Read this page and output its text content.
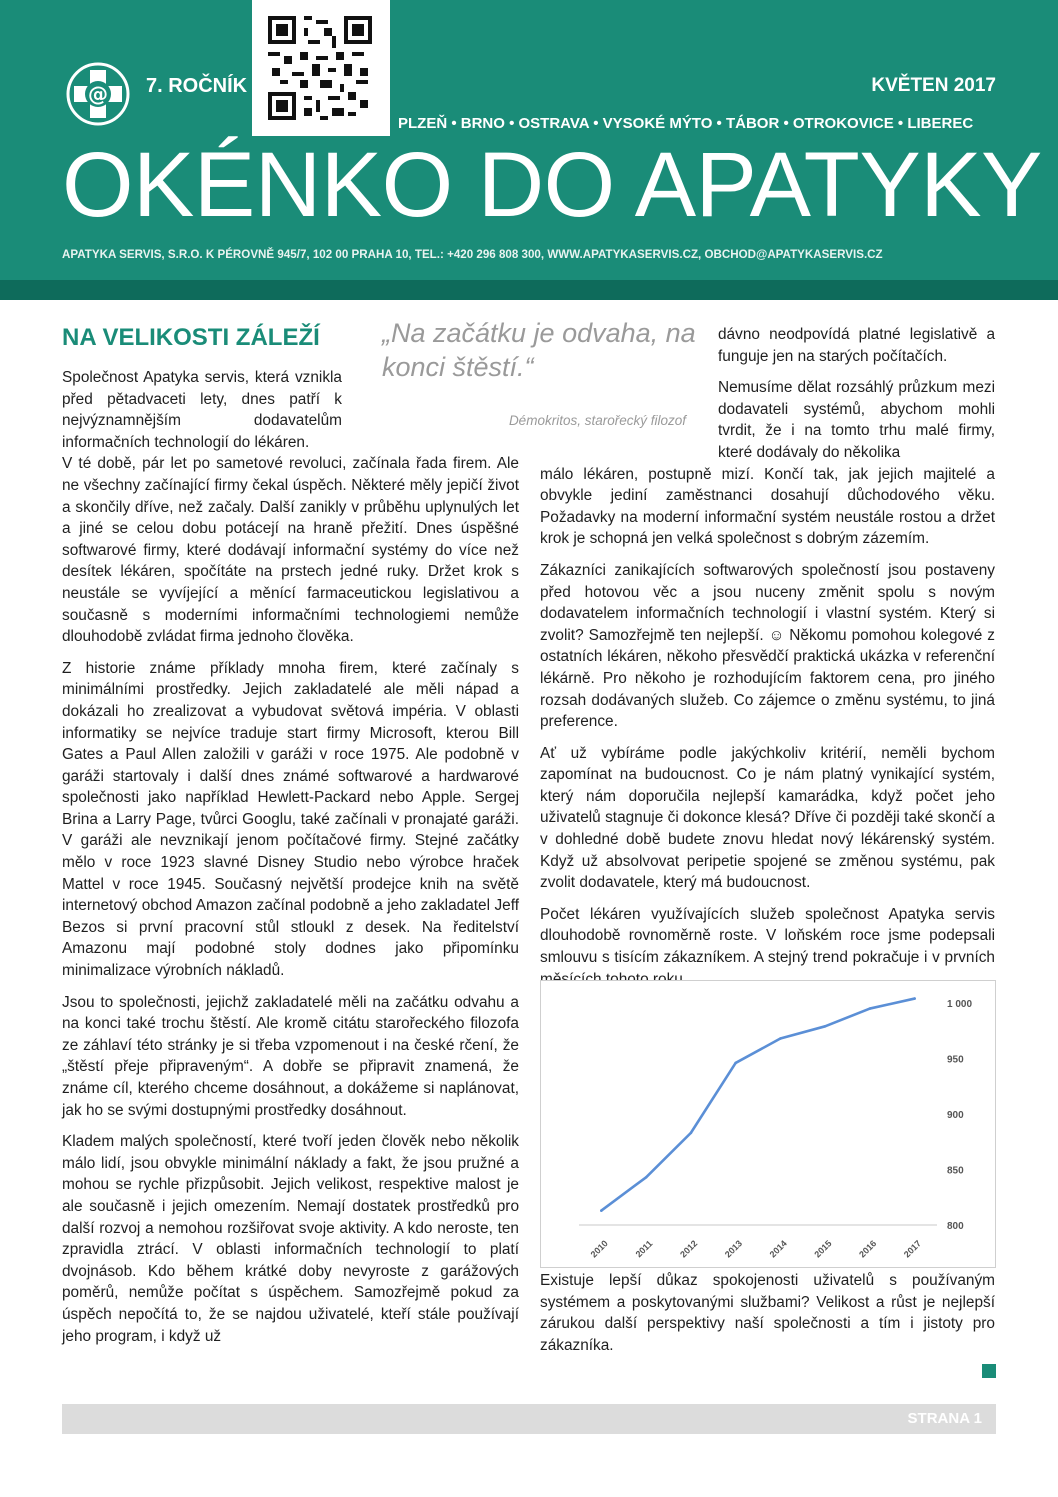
@ 7. ROČNÍK	KVĚTEN 2017
PLZEŇ • BRNO • OSTRAVA • VYSOKÉ MÝTO • TÁBOR • OTROKOVICE • LIBEREC
OKÉNKO DO APATYKY
APATYKA SERVIS, S.R.O. K PÉROVNĚ 945/7, 102 00 PRAHA 10, TEL.: +420 296 808 300, WWW.APATYKASERVIS.CZ, OBCHOD@APATYKASERVIS.CZ
NA VELIKOSTI ZÁLEŽÍ „Na začátku je odvaha, na konci štěstí.“
Démokritos, starořecký filozof

Společnost Apatyka servis, která vznikla před pětadvaceti lety, dnes patří k nejvýznamnějším dodavatelům informačních technologií do lékáren.

V té době, pár let po sametové revoluci, začínala řada firem. Ale ne všechny začínající firmy čekal úspěch. Některé měly jepičí život a skončily dříve, než začaly. Další zanikly v průběhu uplynulých let a jiné se celou dobu potácejí na hraně přežití. Dnes úspěšné softwarové firmy, které dodávají informační systémy do více než desítek lékáren, spočítáte na prstech jedné ruky. Držet krok s neustále se vyvíjející a měnící farmaceutickou legislativou a současně s moderními informačními technologiemi nemůže dlouhodobě zvládat firma jednoho člověka.

Z historie známe příklady mnoha firem, které začínaly s minimálními prostředky. Jejich zakladatelé ale měli nápad a dokázali ho zrealizovat a vybudovat světová impéria. V oblasti informatiky se nejvíce traduje start firmy Microsoft, kterou Bill Gates a Paul Allen založili v garáži v roce 1975. Ale podobně v garáži startovaly i další dnes známé softwarové a hardwarové společnosti jako například Hewlett-Packard nebo Apple. Sergej Brina a Larry Page, tvůrci Googlu, také začínali v pronajaté garáži. V garáži ale nevznikají jenom počítačové firmy. Stejné začátky mělo v roce 1923 slavné Disney Studio nebo výrobce hraček Mattel v roce 1945. Současný největší prodejce knih na světě internetový obchod Amazon začínal podobně a jeho zakladatel Jeff Bezos si první pracovní stůl stloukl z desek. Na ředitelství Amazonu mají podobné stoly dodnes jako připomínku minimalizace výrobních nákladů.

Jsou to společnosti, jejichž zakladatelé měli na začátku odvahu a na konci také trochu štěstí. Ale kromě citátu starořeckého filozofa ze záhlaví této stránky je si třeba vzpomenout i na české rčení, že „štěstí přeje připraveným“. A dobře se připravit znamená, že známe cíl, kterého chceme dosáhnout, a dokážeme si naplánovat, jak ho se svými dostupnými prostředky dosáhnout.

Kladem malých společností, které tvoří jeden člověk nebo několik málo lidí, jsou obvykle minimální náklady a fakt, že jsou pružné a mohou se rychle přizpůsobit. Jejich velikost, respektive malost je ale současně i jejich omezením. Nemají dostatek prostředků pro další rozvoj a nemohou rozšiřovat svoje aktivity. A kdo neroste, ten zpravidla ztrácí. V oblasti informačních technologií to platí dvojnásob. Kdo během krátké doby nevyroste z garážových poměrů, nemůže počítat s úspěchem. Samozřejmě pokud za úspěch nepočítá to, že se najdou uživatelé, kteří stále používají jeho program, i když už

dávno neodpovídá platné legislativě a funguje jen na starých počítačích.

Nemusíme dělat rozsáhlý průzkum mezi dodavateli systémů, abychom mohli tvrdit, že i na tomto trhu malé firmy, které dodávaly do několika

málo lékáren, postupně mizí. Končí tak, jak jejich majitelé a obvykle jediní zaměstnanci dosahují důchodového věku. Požadavky na moderní informační systém neustále rostou a držet krok je schopná jen velká společnost s dobrým zázemím.

Zákazníci zanikajících softwarových společností jsou postaveny před hotovou věc a jsou nuceny změnit spolu s novým dodavatelem informačních technologií i vlastní systém. Který si zvolit? Samozřejmě ten nejlepší. ☺ Někomu pomohou kolegové z ostatních lékáren, někoho přesvědčí praktická ukázka v referenční lékárně. Pro někoho je rozhodujícím faktorem cena, pro jiného rozsah dodávaných služeb. Co zájemce o změnu systému, to jiná preference.

Ať už vybíráme podle jakýchkoliv kritérií, neměli bychom zapomínat na budoucnost. Co je nám platný vynikající systém, který nám doporučila nejlepší kamarádka, když počet jeho uživatelů stagnuje či dokonce klesá? Dříve či později také skončí a v dohledné době budete znovu hledat nový lékárenský systém. Když už absolvovat peripetie spojené se změnou systému, pak zvolit dodavatele, který má budoucnost.

Počet lékáren využívajících služeb společnost Apatyka servis dlouhodobě rovnoměrně roste. V loňském roce jsme podepsali smlouvu s tisícím zákazníkem. A stejný trend pokračuje i v prvních

800
850
900
950
1 000
2010	2011	2012	2013	2014	2015	2016	2017

Existuje lepší důkaz spokojenosti uživatelů s používaným systémem a poskytovanými službami? Velikost a růst je nejlepší zárukou další perspektivy naší společnosti a tím i jistoty pro zákazníka.

STRANA 1
